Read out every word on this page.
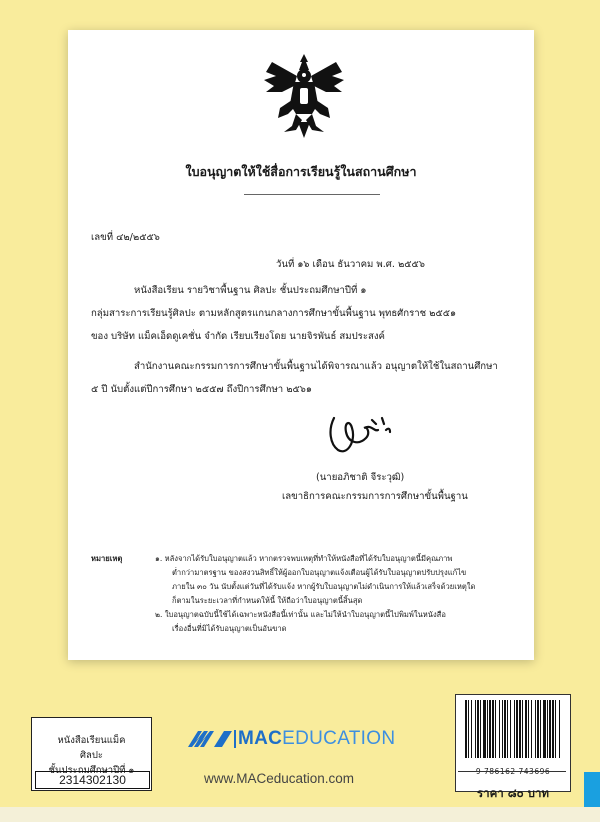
ใบอนุญาตให้ใช้สื่อการเรียนรู้ในสถานศึกษา

เลขที่ ๔๒/๒๕๕๖

วันที่ ๑๖ เดือน ธันวาคม พ.ศ. ๒๕๕๖

หนังสือเรียน รายวิชาพื้นฐาน ศิลปะ ชั้นประถมศึกษาปีที่ ๑

กลุ่มสาระการเรียนรู้ศิลปะ ตามหลักสูตรแกนกลางการศึกษาขั้นพื้นฐาน พุทธศักราช ๒๕๕๑

ของ บริษัท แม็คเอ็ดดูเคชั่น จำกัด เรียบเรียงโดย นายจิรพันธ์ สมประสงค์

สำนักงานคณะกรรมการการศึกษาขั้นพื้นฐานได้พิจารณาแล้ว อนุญาตให้ใช้ในสถานศึกษา

๕ ปี นับตั้งแต่ปีการศึกษา ๒๕๕๗ ถึงปีการศึกษา ๒๕๖๑

(นายอภิชาติ จีระวุฒิ)

เลขาธิการคณะกรรมการการศึกษาขั้นพื้นฐาน

หมายเหตุ	๑. หลังจากได้รับใบอนุญาตแล้ว หากตรวจพบเหตุที่ทำให้หนังสือที่ได้รับใบอนุญาตนี้มีคุณภาพ

ต่ำกว่ามาตรฐาน ของสงวนสิทธิ์ให้ผู้ออกใบอนุญาตแจ้งเตือนผู้ได้รับใบอนุญาตปรับปรุงแก้ไข

ภายใน ๓๐ วัน นับตั้งแต่วันที่ได้รับแจ้ง หากผู้รับใบอนุญาตไม่ดำเนินการให้แล้วเสร็จด้วยเหตุใด

ก็ตามในระยะเวลาที่กำหนดให้นี้ ให้ถือว่าใบอนุญาตนี้สิ้นสุด

๒. ใบอนุญาตฉบับนี้ใช้ได้เฉพาะหนังสือนี้เท่านั้น และไม่ให้นำใบอนุญาตนี้ไปพิมพ์ในหนังสือ

เรื่องอื่นที่มิได้รับอนุญาตเป็นอันขาด

หนังสือเรียนแม็ค

ศิลปะ

ชั้นประถมศึกษาปีที่ ๑

2314302130
MACEDUCATION
www.MACeducation.com	9 786162 743696

ราคา ๘๐ บาท
